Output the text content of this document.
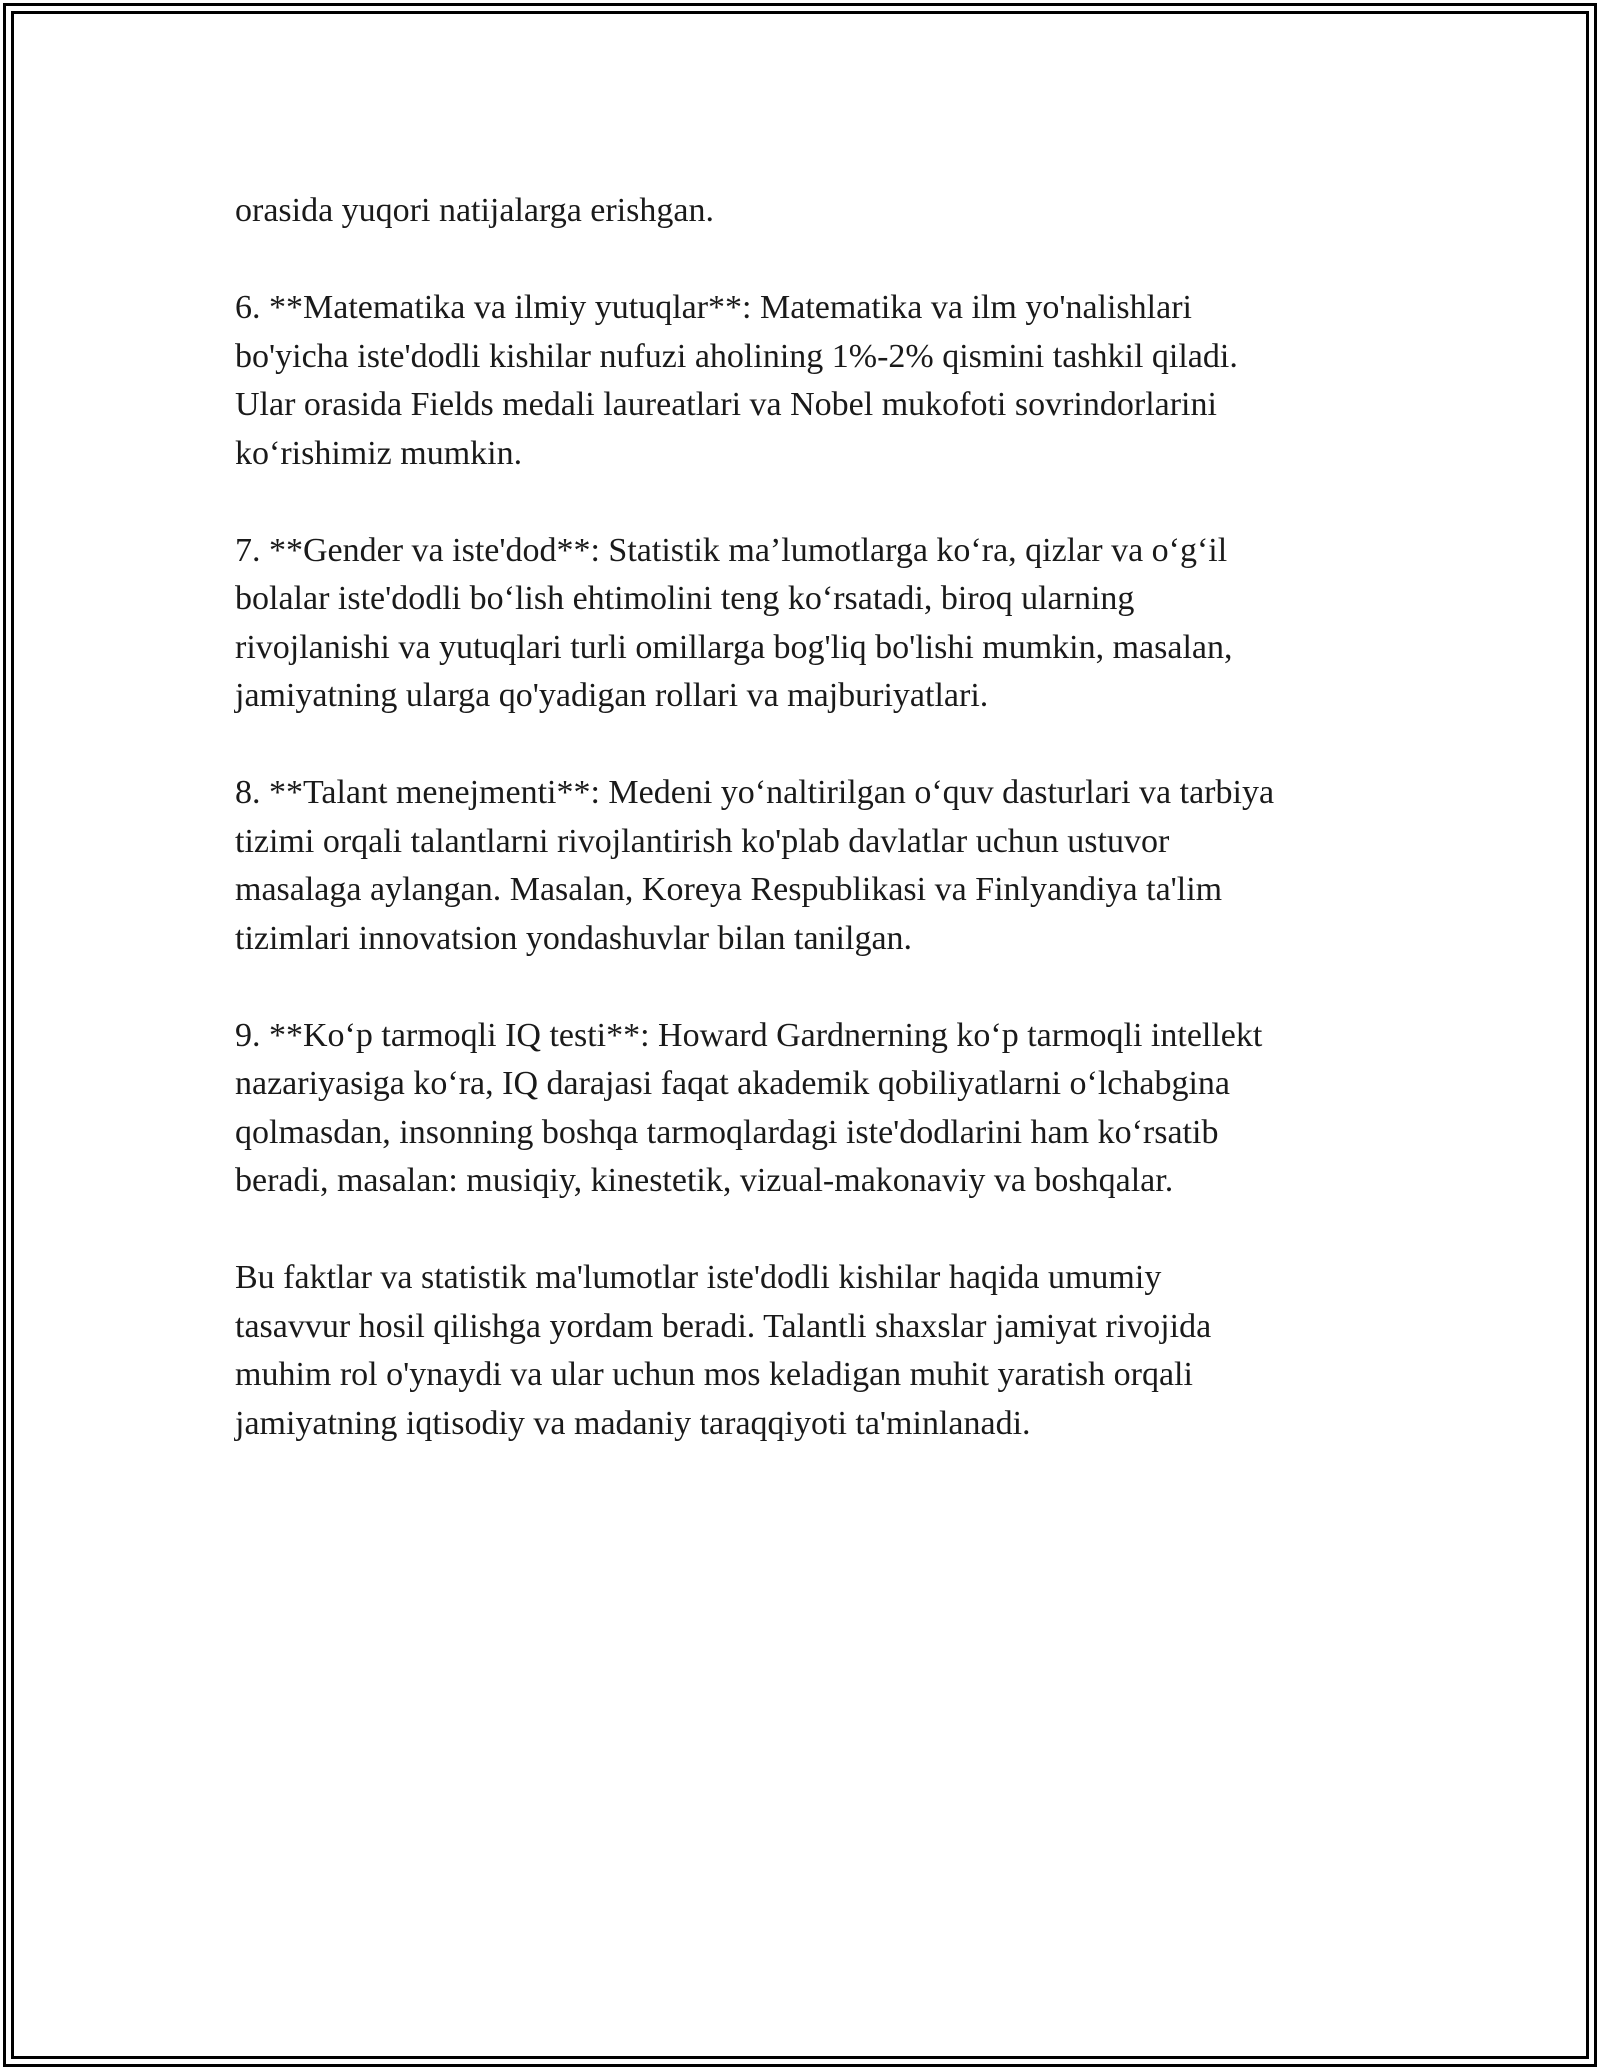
orasida yuqori natijalarga erishgan.
6. **Matematika va ilmiy yutuqlar**: Matematika va ilm yo'nalishlari
bo'yicha iste'dodli kishilar nufuzi aholining 1%-2% qismini tashkil qiladi.
Ular orasida Fields medali laureatlari va Nobel mukofoti sovrindorlarini
ko‘rishimiz mumkin.
7. **Gender va iste'dod**: Statistik ma’lumotlarga ko‘ra, qizlar va o‘g‘il
bolalar iste'dodli bo‘lish ehtimolini teng ko‘rsatadi, biroq ularning
rivojlanishi va yutuqlari turli omillarga bog'liq bo'lishi mumkin, masalan,
jamiyatning ularga qo'yadigan rollari va majburiyatlari.
8. **Talant menejmenti**: Medeni yo‘naltirilgan o‘quv dasturlari va tarbiya
tizimi orqali talantlarni rivojlantirish ko'plab davlatlar uchun ustuvor
masalaga aylangan. Masalan, Koreya Respublikasi va Finlyandiya ta'lim
tizimlari innovatsion yondashuvlar bilan tanilgan.
9. **Ko‘p tarmoqli IQ testi**: Howard Gardnerning ko‘p tarmoqli intellekt
nazariyasiga ko‘ra, IQ darajasi faqat akademik qobiliyatlarni o‘lchabgina
qolmasdan, insonning boshqa tarmoqlardagi iste'dodlarini ham ko‘rsatib
beradi, masalan: musiqiy, kinestetik, vizual-makonaviy va boshqalar.
Bu faktlar va statistik ma'lumotlar iste'dodli kishilar haqida umumiy
tasavvur hosil qilishga yordam beradi. Talantli shaxslar jamiyat rivojida
muhim rol o'ynaydi va ular uchun mos keladigan muhit yaratish orqali
jamiyatning iqtisodiy va madaniy taraqqiyoti ta'minlanadi.
